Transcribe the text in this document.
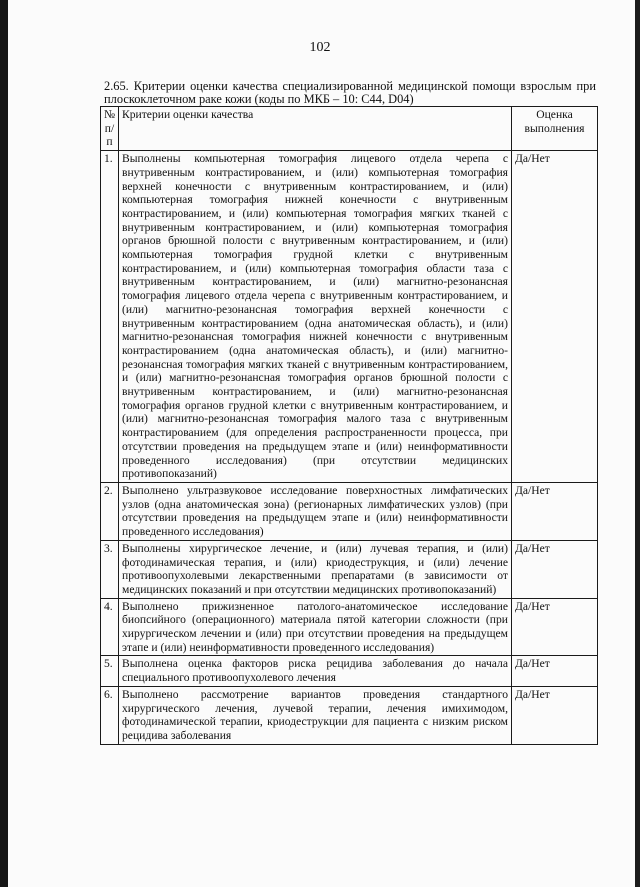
102
2.65. Критерии оценки качества специализированной медицинской помощи взрослым при плоскоклеточном раке кожи (коды по МКБ – 10: C44, D04)
№ п/п	Критерии оценки качества	Оценка выполнения
1.	Выполнены компьютерная томография лицевого отдела черепа с внутривенным контрастированием, и (или) компьютерная томография верхней конечности с внутривенным контрастированием, и (или) компьютерная томография нижней конечности с внутривенным контрастированием, и (или) компьютерная томография мягких тканей с внутривенным контрастированием, и (или) компьютерная томография органов брюшной полости с внутривенным контрастированием, и (или) компьютерная томография грудной клетки с внутривенным контрастированием, и (или) компьютерная томография области таза с внутривенным контрастированием, и (или) магнитно-резонансная томография лицевого отдела черепа с внутривенным контрастированием, и (или) магнитно-резонансная томография верхней конечности с внутривенным контрастированием (одна анатомическая область), и (или) магнитно-резонансная томография нижней конечности с внутривенным контрастированием (одна анатомическая область), и (или) магнитно-резонансная томография мягких тканей с внутривенным контрастированием, и (или) магнитно-резонансная томография органов брюшной полости с внутривенным контрастированием, и (или) магнитно-резонансная томография органов грудной клетки с внутривенным контрастированием, и (или) магнитно-резонансная томография малого таза с внутривенным контрастированием (для определения распространенности процесса, при отсутствии проведения на предыдущем этапе и (или) неинформативности проведенного исследования) (при отсутствии медицинских противопоказаний)	Да/Нет
2.	Выполнено ультразвуковое исследование поверхностных лимфатических узлов (одна анатомическая зона) (регионарных лимфатических узлов) (при отсутствии проведения на предыдущем этапе и (или) неинформативности проведенного исследования)	Да/Нет
3.	Выполнены хирургическое лечение, и (или) лучевая терапия, и (или) фотодинамическая терапия, и (или) криодеструкция, и (или) лечение противоопухолевыми лекарственными препаратами (в зависимости от медицинских показаний и при отсутствии медицинских противопоказаний)	Да/Нет
4.	Выполнено прижизненное патолого-анатомическое исследование биопсийного (операционного) материала пятой категории сложности (при хирургическом лечении и (или) при отсутствии проведения на предыдущем этапе и (или) неинформативности проведенного исследования)	Да/Нет
5.	Выполнена оценка факторов риска рецидива заболевания до начала специального противоопухолевого лечения	Да/Нет
6.	Выполнено рассмотрение вариантов проведения стандартного хирургического лечения, лучевой терапии, лечения имихимодом, фотодинамической терапии, криодеструкции для пациента с низким риском рецидива заболевания	Да/Нет
